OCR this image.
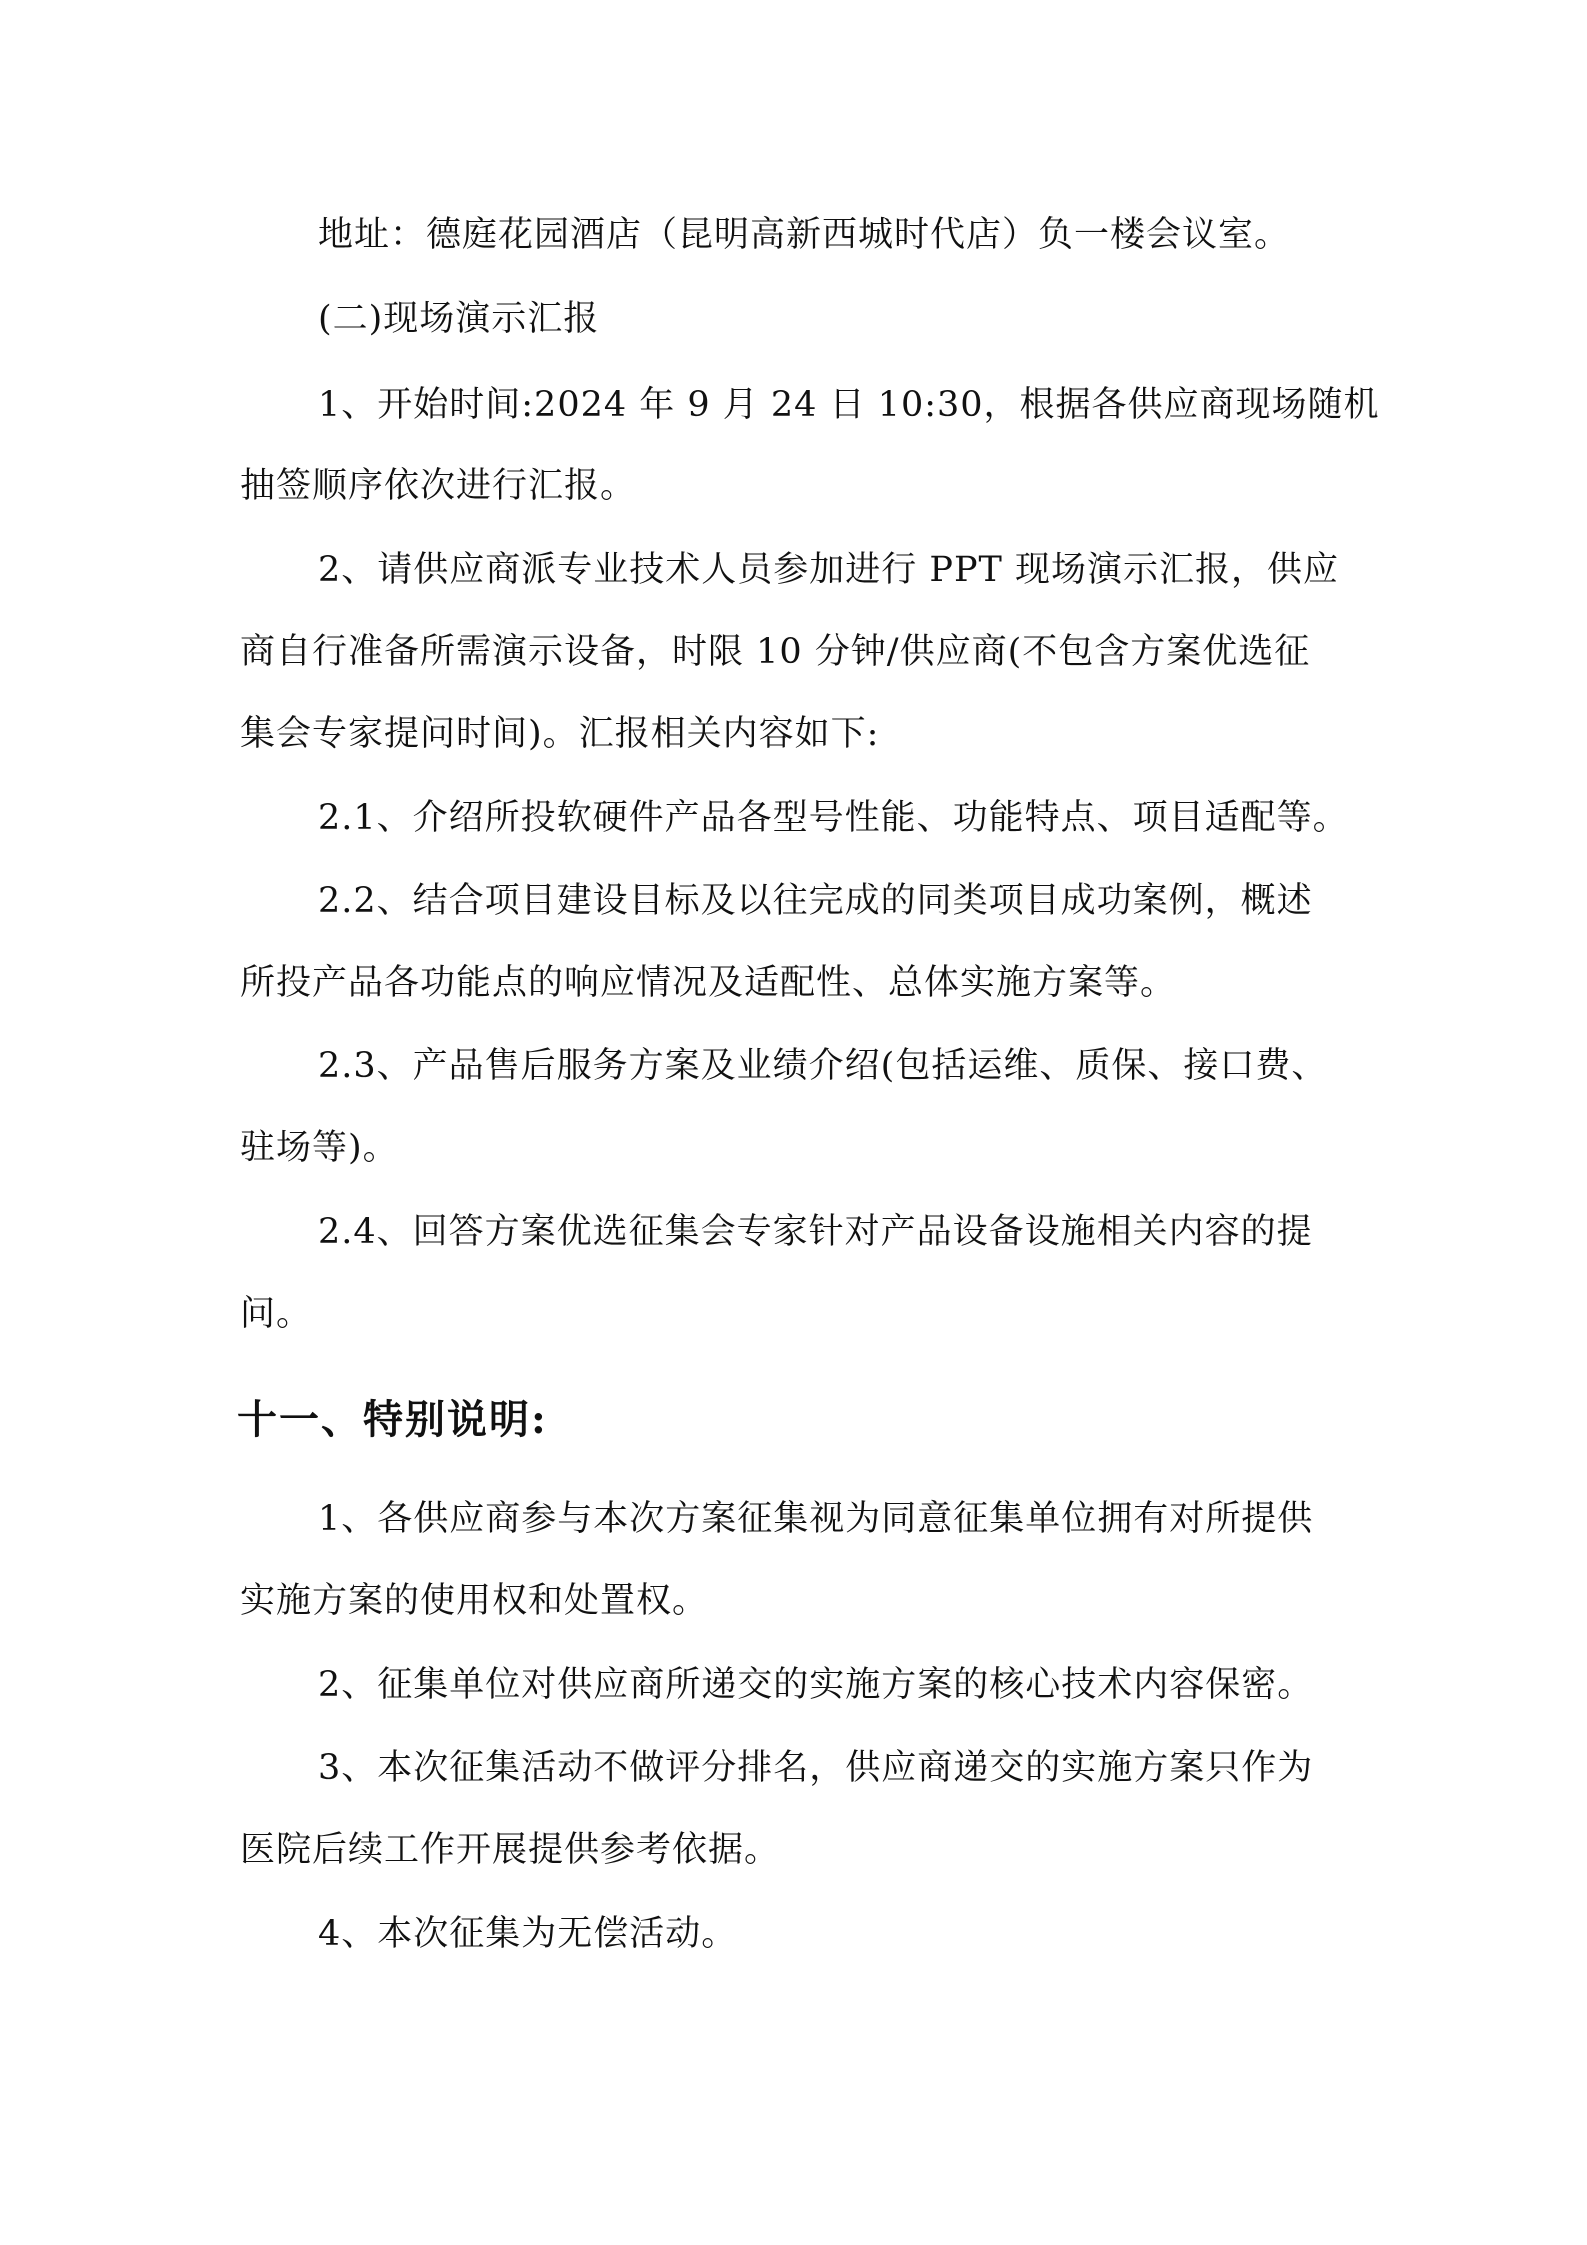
地址：德庭花园酒店（昆明高新西城时代店）负一楼会议室。
(二)现场演示汇报
1、开始时间:2024 年 9 月 24 日 10:30，根据各供应商现场随机
抽签顺序依次进行汇报。
2、请供应商派专业技术人员参加进行 PPT 现场演示汇报，供应
商自行准备所需演示设备，时限 10 分钟/供应商(不包含方案优选征
集会专家提问时间)。汇报相关内容如下:
2.1、介绍所投软硬件产品各型号性能、功能特点、项目适配等。
2.2、结合项目建设目标及以往完成的同类项目成功案例，概述
所投产品各功能点的响应情况及适配性、总体实施方案等。
2.3、产品售后服务方案及业绩介绍(包括运维、质保、接口费、
驻场等)。
2.4、回答方案优选征集会专家针对产品设备设施相关内容的提
问。
十一、特别说明:
1、各供应商参与本次方案征集视为同意征集单位拥有对所提供
实施方案的使用权和处置权。
2、征集单位对供应商所递交的实施方案的核心技术内容保密。
3、本次征集活动不做评分排名，供应商递交的实施方案只作为
医院后续工作开展提供参考依据。
4、本次征集为无偿活动。
